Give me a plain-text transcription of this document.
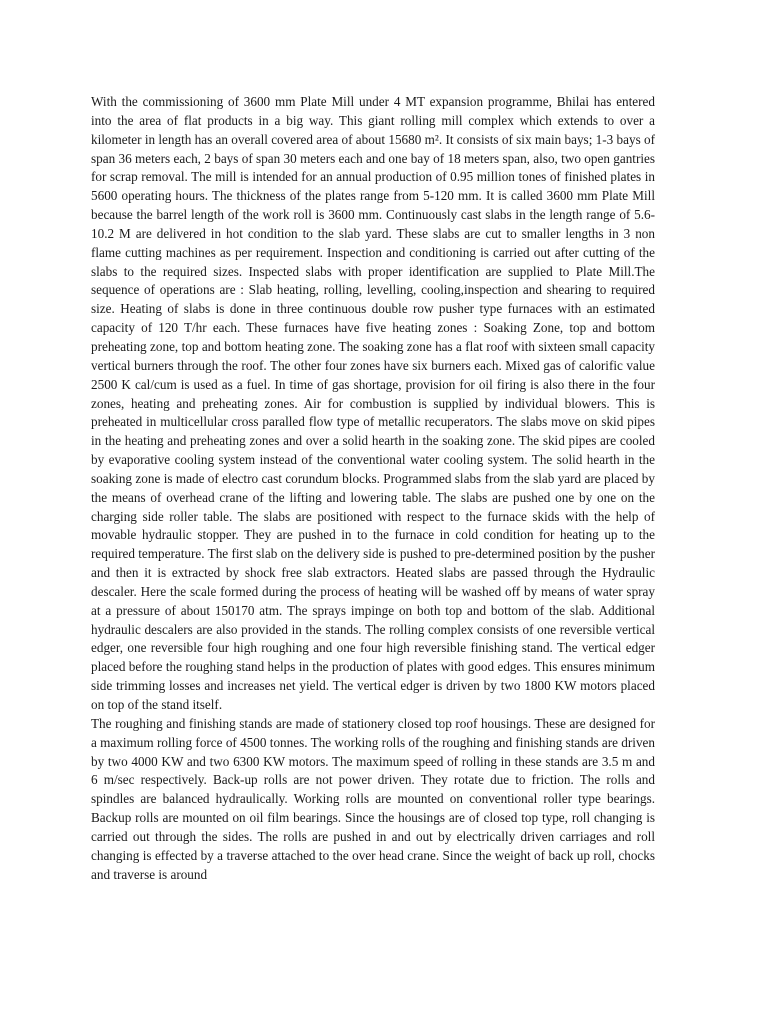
With the commissioning of 3600 mm Plate Mill under 4 MT expansion programme, Bhilai has entered into the area of flat products in a big way. This giant rolling mill complex which extends to over a kilometer in length has an overall covered area of about 15680 m². It consists of six main bays; 1-3 bays of span 36 meters each, 2 bays of span 30 meters each and one bay of 18 meters span, also, two open gantries for scrap removal. The mill is intended for an annual production of 0.95 million tones of finished plates in 5600 operating hours. The thickness of the plates range from 5-120 mm. It is called 3600 mm Plate Mill because the barrel length of the work roll is 3600 mm. Continuously cast slabs in the length range of 5.6-10.2 M are delivered in hot condition to the slab yard. These slabs are cut to smaller lengths in 3 non flame cutting machines as per requirement. Inspection and conditioning is carried out after cutting of the slabs to the required sizes. Inspected slabs with proper identification are supplied to Plate Mill.The sequence of operations are : Slab heating, rolling, levelling, cooling,inspection and shearing to required size. Heating of slabs is done in three continuous double row pusher type furnaces with an estimated capacity of 120 T/hr each. These furnaces have five heating zones : Soaking Zone, top and bottom preheating zone, top and bottom heating zone. The soaking zone has a flat roof with sixteen small capacity vertical burners through the roof. The other four zones have six burners each. Mixed gas of calorific value 2500 K cal/cum is used as a fuel. In time of gas shortage, provision for oil firing is also there in the four zones, heating and preheating zones. Air for combustion is supplied by individual blowers. This is preheated in multicellular cross paralled flow type of metallic recuperators. The slabs move on skid pipes in the heating and preheating zones and over a solid hearth in the soaking zone. The skid pipes are cooled by evaporative cooling system instead of the conventional water cooling system. The solid hearth in the soaking zone is made of electro cast corundum blocks. Programmed slabs from the slab yard are placed by the means of overhead crane of the lifting and lowering table. The slabs are pushed one by one on the charging side roller table. The slabs are positioned with respect to the furnace skids with the help of movable hydraulic stopper. They are pushed in to the furnace in cold condition for heating up to the required temperature. The first slab on the delivery side is pushed to pre-determined position by the pusher and then it is extracted by shock free slab extractors. Heated slabs are passed through the Hydraulic descaler. Here the scale formed during the process of heating will be washed off by means of water spray at a pressure of about 150170 atm. The sprays impinge on both top and bottom of the slab. Additional hydraulic descalers are also provided in the stands. The rolling complex consists of one reversible vertical edger, one reversible four high roughing and one four high reversible finishing stand. The vertical edger placed before the roughing stand helps in the production of plates with good edges. This ensures minimum side trimming losses and increases net yield. The vertical edger is driven by two 1800 KW motors placed on top of the stand itself.

The roughing and finishing stands are made of stationery closed top roof housings. These are designed for a maximum rolling force of 4500 tonnes. The working rolls of the roughing and finishing stands are driven by two 4000 KW and two 6300 KW motors. The maximum speed of rolling in these stands are 3.5 m and 6 m/sec respectively. Back-up rolls are not power driven. They rotate due to friction. The rolls and spindles are balanced hydraulically. Working rolls are mounted on conventional roller type bearings. Backup rolls are mounted on oil film bearings. Since the housings are of closed top type, roll changing is carried out through the sides. The rolls are pushed in and out by electrically driven carriages and roll changing is effected by a traverse attached to the over head crane. Since the weight of back up roll, chocks and traverse is around
